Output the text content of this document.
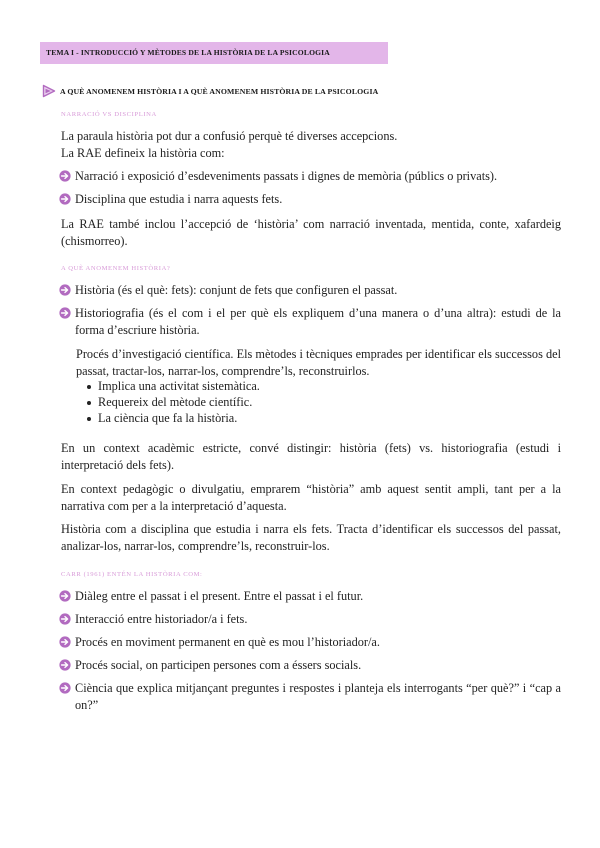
TEMA I - INTRODUCCIÓ Y MÈTODES DE LA HISTÒRIA DE LA PSICOLOGIA
A QUÈ ANOMENEM HISTÒRIA I A QUÈ ANOMENEM HISTÒRIA DE LA PSICOLOGIA
NARRACIÓ VS DISCIPLINA
La paraula història pot dur a confusió perquè té diverses accepcions.
La RAE defineix la història com:
Narració i exposició d’esdeveniments passats i dignes de memòria (públics o privats).
Disciplina que estudia i narra aquests fets.
La RAE també inclou l’accepció de ‘història’ com narració inventada, mentida, conte, xafardeig (chismorreo).
A QUÈ ANOMENEM HISTÒRIA?
Història (és el què: fets): conjunt de fets que configuren el passat.
Historiografia (és el com i el per què els expliquem d’una manera o d’una altra): estudi de la forma d’escriure història.
Procés d’investigació científica. Els mètodes i tècniques emprades per identificar els successos del passat, tractar-los, narrar-los, comprendre’ls, reconstruirlos.
Implica una activitat sistemàtica.
Requereix del mètode científic.
La ciència que fa la història.
En un context acadèmic estricte, convé distingir: història (fets) vs. historiografia (estudi i interpretació dels fets).
En context pedagògic o divulgatiu, emprarem “història” amb aquest sentit ampli, tant per a la narrativa com per a la interpretació d’aquesta.
Història com a disciplina que estudia i narra els fets. Tracta d’identificar els successos del passat, analizar-los, narrar-los, comprendre’ls, reconstruir-los.
CARR (1961) ENTÉN LA HISTÒRIA COM:
Diàleg entre el passat i el present. Entre el passat i el futur.
Interacció entre historiador/a i fets.
Procés en moviment permanent en què es mou l’historiador/a.
Procés social, on participen persones com a éssers socials.
Ciència que explica mitjançant preguntes i respostes i planteja els interrogants “per què?” i “cap a on?”
